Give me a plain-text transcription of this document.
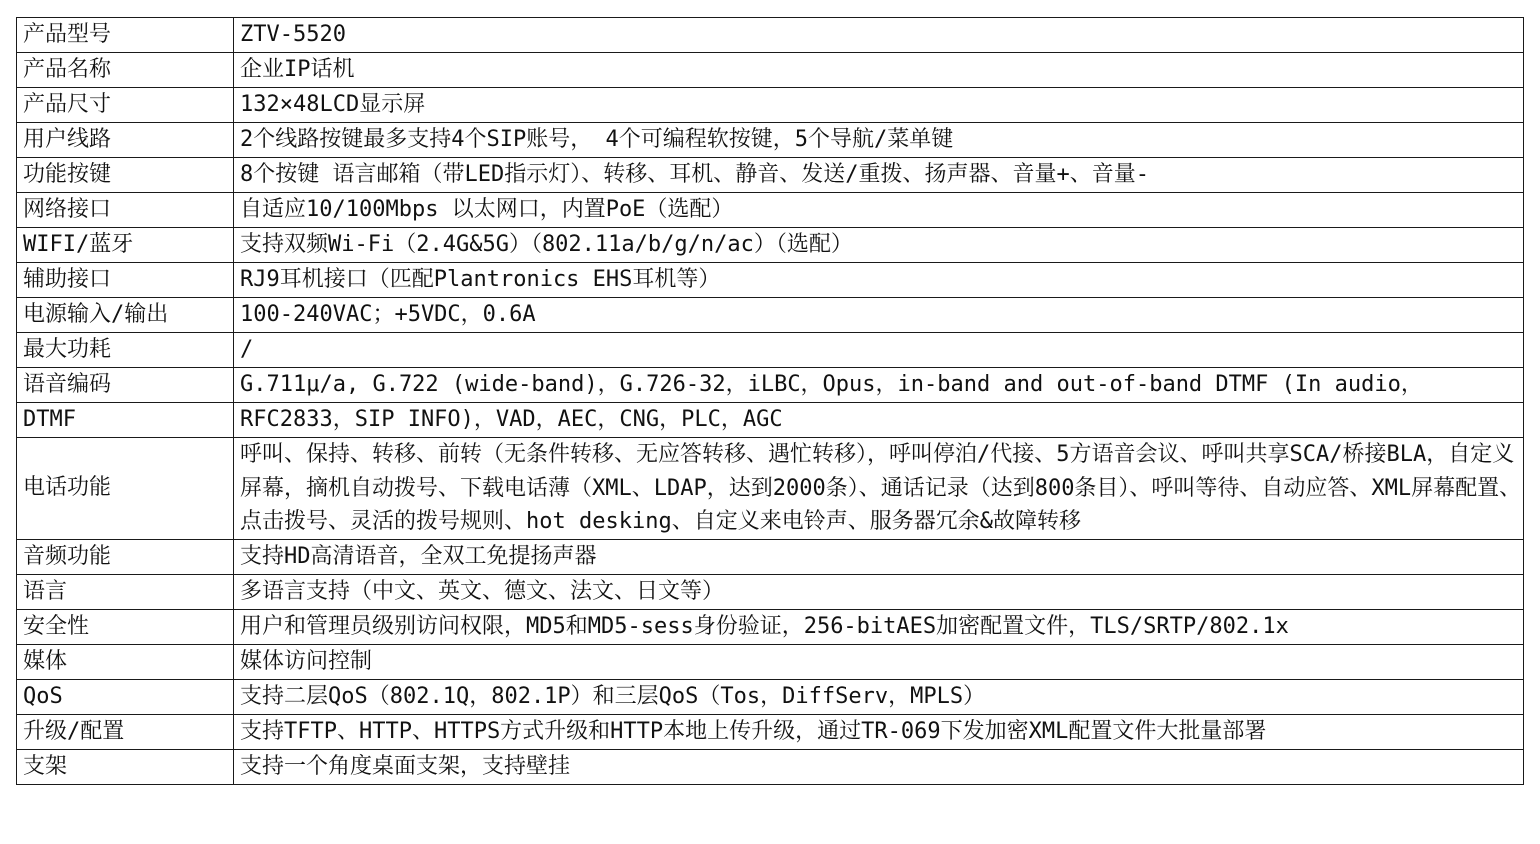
产品型号	ZTV-5520
产品名称	企业IP话机
产品尺寸	132×48LCD显示屏
用户线路	2个线路按键最多支持4个SIP账号， 4个可编程软按键，5个导航/菜单键
功能按键	8个按键 语言邮箱（带LED指示灯）、转移、耳机、静音、发送/重拨、扬声器、音量+、音量-
网络接口	自适应10/100Mbps 以太网口，内置PoE（选配）
WIFI/蓝牙	支持双频Wi-Fi（2.4G&5G）（802.11a/b/g/n/ac）（选配）
辅助接口	RJ9耳机接口（匹配Plantronics EHS耳机等）
电源输入/输出	100-240VAC；+5VDC，0.6A
最大功耗	/
语音编码	G.711μ/a, G.722 (wide-band)，G.726-32，iLBC，Opus，in-band and out-of-band DTMF (In audio，
DTMF	RFC2833，SIP INFO)，VAD，AEC，CNG，PLC，AGC
电话功能	呼叫、保持、转移、前转（无条件转移、无应答转移、遇忙转移），呼叫停泊/代接、5方语音会议、呼叫共享SCA/桥接BLA，自定义屏幕，摘机自动拨号、下载电话薄（XML、LDAP，达到2000条）、通话记录（达到800条目）、呼叫等待、自动应答、XML屏幕配置、点击拨号、灵活的拨号规则、hot desking、自定义来电铃声、服务器冗余&故障转移
音频功能	支持HD高清语音，全双工免提扬声器
语言	多语言支持（中文、英文、德文、法文、日文等）
安全性	用户和管理员级别访问权限，MD5和MD5-sess身份验证，256-bitAES加密配置文件，TLS/SRTP/802.1x
媒体	媒体访问控制
QoS	支持二层QoS（802.1Q，802.1P）和三层QoS（Tos，DiffServ，MPLS）
升级/配置	支持TFTP、HTTP、HTTPS方式升级和HTTP本地上传升级，通过TR-069下发加密XML配置文件大批量部署
支架	支持一个角度桌面支架，支持壁挂
